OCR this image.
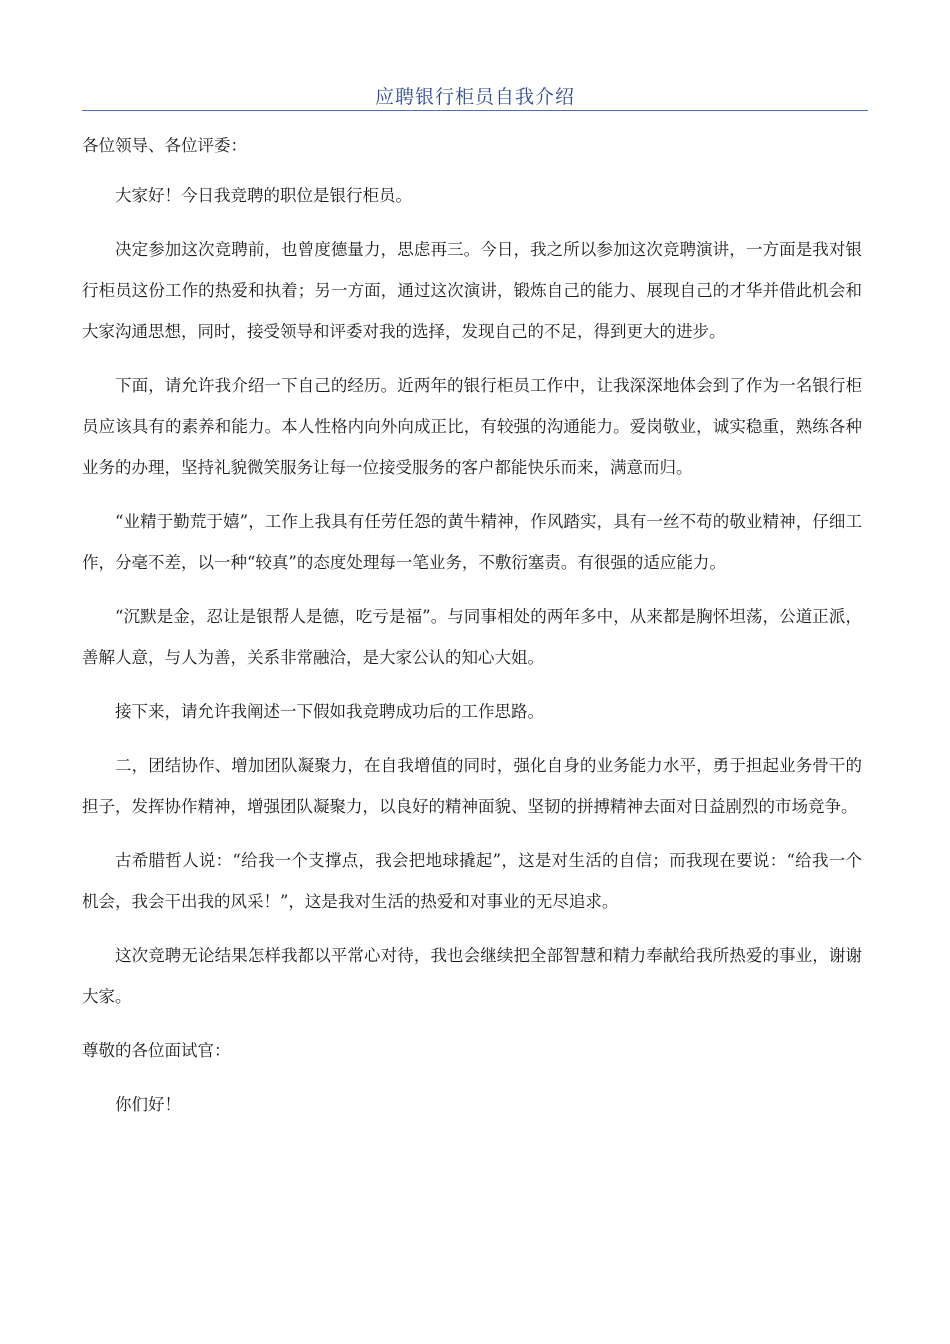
应聘银行柜员自我介绍

各位领导、各位评委：

大家好！今日我竞聘的职位是银行柜员。

决定参加这次竞聘前，也曾度德量力，思虑再三。今日，我之所以参加这次竞聘演讲，一方面是我对银行柜员这份工作的热爱和执着；另一方面，通过这次演讲，锻炼自己的能力、展现自己的才华并借此机会和大家沟通思想，同时，接受领导和评委对我的选择，发现自己的不足，得到更大的进步。

下面，请允许我介绍一下自己的经历。近两年的银行柜员工作中，让我深深地体会到了作为一名银行柜员应该具有的素养和能力。本人性格内向外向成正比，有较强的沟通能力。爱岗敬业，诚实稳重，熟练各种业务的办理，坚持礼貌微笑服务让每一位接受服务的客户都能快乐而来，满意而归。

“业精于勤荒于嬉”，工作上我具有任劳任怨的黄牛精神，作风踏实，具有一丝不苟的敬业精神，仔细工作，分毫不差，以一种“较真”的态度处理每一笔业务，不敷衍塞责。有很强的适应能力。

“沉默是金，忍让是银帮人是德，吃亏是福”。与同事相处的两年多中，从来都是胸怀坦荡，公道正派，善解人意，与人为善，关系非常融洽，是大家公认的知心大姐。

接下来，请允许我阐述一下假如我竞聘成功后的工作思路。

二，团结协作、增加团队凝聚力，在自我增值的同时，强化自身的业务能力水平，勇于担起业务骨干的担子，发挥协作精神，增强团队凝聚力，以良好的精神面貌、坚韧的拼搏精神去面对日益剧烈的市场竞争。

古希腊哲人说：“给我一个支撑点，我会把地球撬起”，这是对生活的自信；而我现在要说：“给我一个机会，我会干出我的风采！”，这是我对生活的热爱和对事业的无尽追求。

这次竞聘无论结果怎样我都以平常心对待，我也会继续把全部智慧和精力奉献给我所热爱的事业，谢谢大家。

尊敬的各位面试官：

你们好！
